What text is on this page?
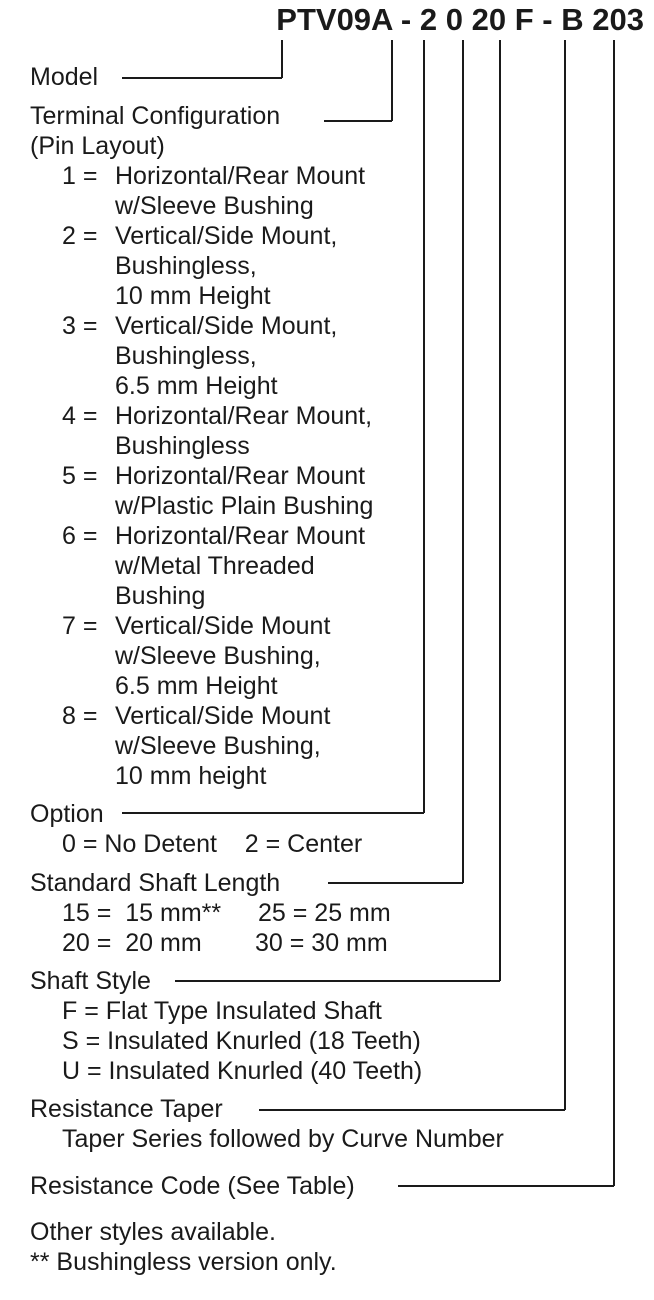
PTV09A - 2 0 20 F - B 203
Model
Terminal Configuration
(Pin Layout)
1 = Horizontal/Rear Mount
w/Sleeve Bushing
2 = Vertical/Side Mount,
Bushingless,
10 mm Height
3 = Vertical/Side Mount,
Bushingless,
6.5 mm Height
4 = Horizontal/Rear Mount,
Bushingless
5 = Horizontal/Rear Mount
w/Plastic Plain Bushing
6 = Horizontal/Rear Mount
w/Metal Threaded
Bushing
7 = Vertical/Side Mount
w/Sleeve Bushing,
6.5 mm Height
8 = Vertical/Side Mount
w/Sleeve Bushing,
10 mm height
Option
0 = No Detent    2 = Center
Standard Shaft Length
15 =  15 mm** 25 = 25 mm
20 =  20 mm 30 = 30 mm
Shaft Style
F = Flat Type Insulated Shaft
S = Insulated Knurled (18 Teeth)
U = Insulated Knurled (40 Teeth)
Resistance Taper
Taper Series followed by Curve Number
Resistance Code (See Table)
Other styles available.
** Bushingless version only.
